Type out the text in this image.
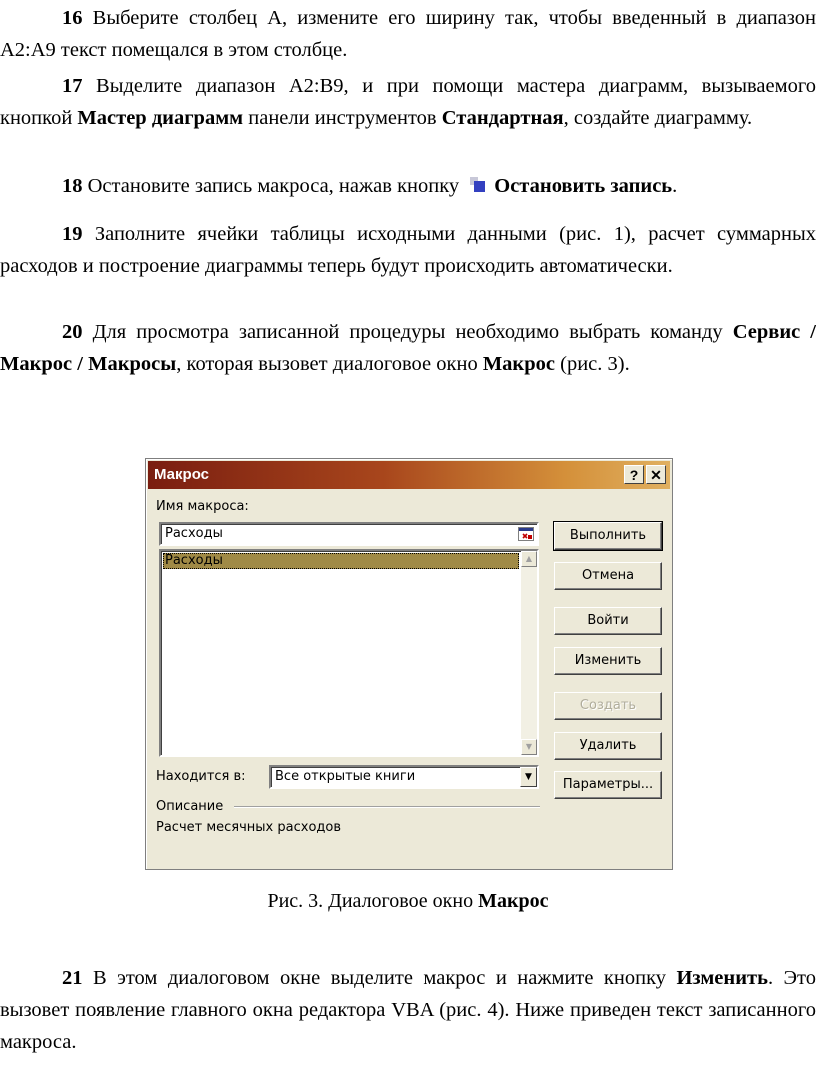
16 Выберите столбец А, измените его ширину так, чтобы введенный в диапазон А2:А9 текст помещался в этом столбце.

17 Выделите диапазон А2:В9, и при помощи мастера диаграмм, вызываемого кнопкой Мастер диаграмм панели инструментов Стандартная, создайте диаграмму.

18 Остановите запись макроса, нажав кнопку Остановить запись.

19 Заполните ячейки таблицы исходными данными (рис. 1), расчет суммарных расходов и построение диаграммы теперь будут происходить автоматически.

20 Для просмотра записанной процедуры необходимо выбрать команду Сервис / Макрос / Макросы, которая вызовет диалоговое окно Макрос (рис. 3).

Макрос	? ✕
Имя макроса:
Расходы
Расходы	▲
▼
Выполнить
Отмена
Войти
Изменить
Создать
Удалить
Параметры...
Находится в: Все открытые книги	▼
Описание
Расчет месячных расходов
Рис. 3. Диалоговое окно Макрос

21 В этом диалоговом окне выделите макрос и нажмите кнопку Изменить. Это вызовет появление главного окна редактора VBA (рис. 4). Ниже приведен текст записанного макроса.
